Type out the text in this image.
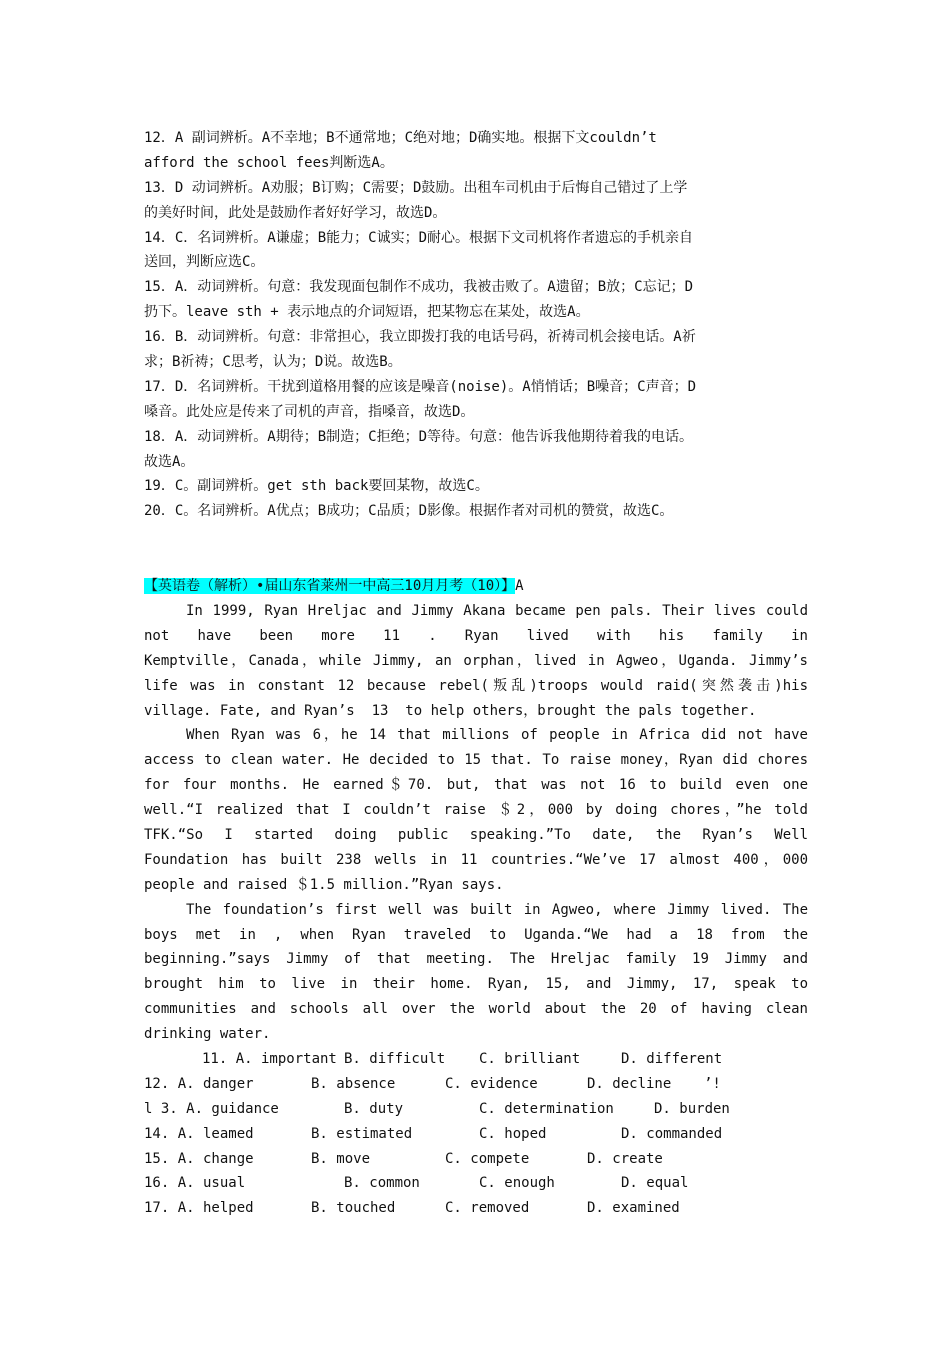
12．A 副词辨析。A不幸地；B不通常地；C绝对地；D确实地。根据下文couldn’t
afford the school fees判断选A。
13．D 动词辨析。A劝服；B订购；C需要；D鼓励。出租车司机由于后悔自己错过了上学
的美好时间，此处是鼓励作者好好学习，故选D。
14．C．名词辨析。A谦虚；B能力；C诚实；D耐心。根据下文司机将作者遗忘的手机亲自
送回，判断应选C。
15．A．动词辨析。句意：我发现面包制作不成功，我被击败了。A遗留；B放；C忘记；D
扔下。leave sth + 表示地点的介词短语，把某物忘在某处，故选A。
16．B．动词辨析。句意：非常担心，我立即拨打我的电话号码，祈祷司机会接电话。A祈
求；B祈祷；C思考，认为；D说。故选B。
17．D．名词辨析。干扰到道格用餐的应该是噪音(noise)。A悄悄话；B噪音；C声音；D
嗓音。此处应是传来了司机的声音，指嗓音，故选D。
18．A．动词辨析。A期待；B制造；C拒绝；D等待。句意：他告诉我他期待着我的电话。
故选A。
19．C。副词辨析。get sth back要回某物，故选C。
20．C。名词辨析。A优点；B成功；C品质；D影像。根据作者对司机的赞赏，故选C。
【英语卷（解析）•届山东省莱州一中高三10月月考（10）】A
In 1999, Ryan Hreljac and Jimmy Akana became pen pals. Their lives could
not have been more 11 . Ryan lived with his family in
Kemptville，Canada，while Jimmy, an orphan，lived in Agweo，Uganda. Jimmy’s
life was in constant 12 because rebel(叛乱)troops would raid(突然袭击)his
village. Fate, and Ryan’s  13  to help others，brought the pals together.
When Ryan was 6，he 14 that millions of people in Africa did not have
access to clean water. He decided to 15 that. To raise money，Ryan did chores
for four months. He earned＄70. but, that was not 16 to build even one
well.“I realized that I couldn’t raise ＄2，000 by doing chores，”he told
TFK.“So I started doing public speaking.”To date, the Ryan’s Well
Foundation has built 238 wells in 11 countries.“We’ve 17 almost 400，000
people and raised ＄1.5 million.”Ryan says.
The foundation’s first well was built in Agweo, where Jimmy lived. The
boys met in , when Ryan traveled to Uganda.“We had a 18 from the
beginning.”says Jimmy of that meeting. The Hreljac family 19 Jimmy and
brought him to live in their home. Ryan, 15, and Jimmy, 17, speak to
communities and schools all over the world about the 20 of having clean
drinking water.

11. A. important

B. difficult

C. brilliant

	D. different

12. A. danger

	B. absence

	C. evidence

	D. decline

’!

l 3. A. guidance

	B. duty

	C. determination

	D. burden

14. A. leamed

	B. estimated

	C. hoped

	D. commanded

15. A. change

	B. move

	C. compete

	D. create

16. A. usual

	B. common

	C. enough

	D. equal

17. A. helped

	B. touched

	C. removed

	D. examined
